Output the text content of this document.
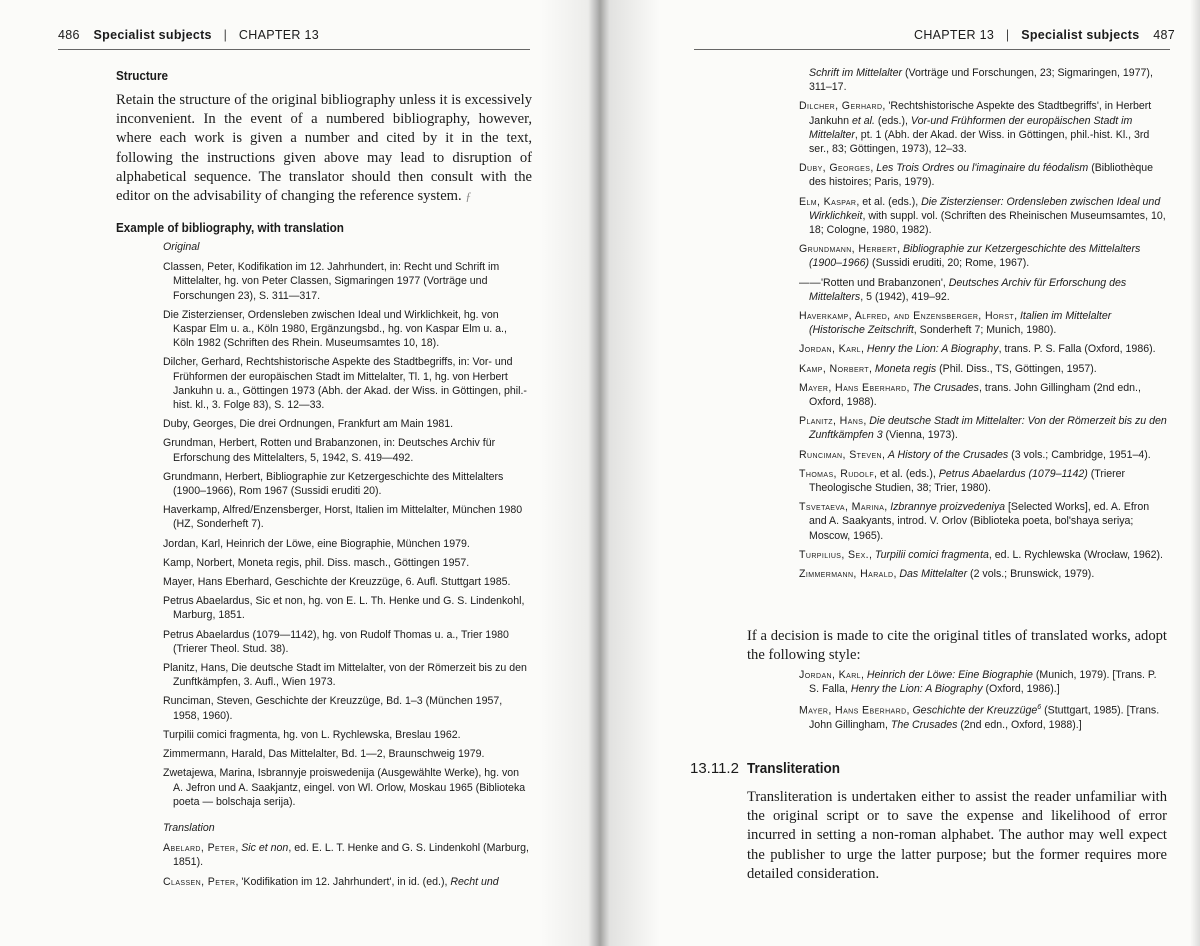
486 Specialist subjects | CHAPTER 13
Structure
Retain the structure of the original bibliography unless it is excessively inconvenient. In the event of a numbered bibliography, however, where each work is given a number and cited by it in the text, following the instructions given above may lead to disruption of alphabetical sequence. The translator should then consult with the editor on the advisability of changing the reference system. ƒ
Example of bibliography, with translation
Original
Classen, Peter, Kodifikation im 12. Jahrhundert, in: Recht und Schrift im Mittelalter, hg. von Peter Classen, Sigmaringen 1977 (Vorträge und Forschungen 23), S. 311—317.
Die Zisterzienser, Ordensleben zwischen Ideal und Wirklichkeit, hg. von Kaspar Elm u. a., Köln 1980, Ergänzungsbd., hg. von Kaspar Elm u. a., Köln 1982 (Schriften des Rhein. Museumsamtes 10, 18).
Dilcher, Gerhard, Rechtshistorische Aspekte des Stadtbegriffs, in: Vor- und Frühformen der europäischen Stadt im Mittelalter, Tl. 1, hg. von Herbert Jankuhn u. a., Göttingen 1973 (Abh. der Akad. der Wiss. in Göttingen, phil.-hist. kl., 3. Folge 83), S. 12—33.
Duby, Georges, Die drei Ordnungen, Frankfurt am Main 1981.
Grundman, Herbert, Rotten und Brabanzonen, in: Deutsches Archiv für Erforschung des Mittelalters, 5, 1942, S. 419—492.
Grundmann, Herbert, Bibliographie zur Ketzergeschichte des Mittelalters (1900–1966), Rom 1967 (Sussidi eruditi 20).
Haverkamp, Alfred/Enzensberger, Horst, Italien im Mittelalter, München 1980 (HZ, Sonderheft 7).
Jordan, Karl, Heinrich der Löwe, eine Biographie, München 1979.
Kamp, Norbert, Moneta regis, phil. Diss. masch., Göttingen 1957.
Mayer, Hans Eberhard, Geschichte der Kreuzzüge, 6. Aufl. Stuttgart 1985.
Petrus Abaelardus, Sic et non, hg. von E. L. Th. Henke und G. S. Lindenkohl, Marburg, 1851.
Petrus Abaelardus (1079—1142), hg. von Rudolf Thomas u. a., Trier 1980 (Trierer Theol. Stud. 38).
Planitz, Hans, Die deutsche Stadt im Mittelalter, von der Römerzeit bis zu den Zunftkämpfen, 3. Aufl., Wien 1973.
Runciman, Steven, Geschichte der Kreuzzüge, Bd. 1–3 (München 1957, 1958, 1960).
Turpilii comici fragmenta, hg. von L. Rychlewska, Breslau 1962.
Zimmermann, Harald, Das Mittelalter, Bd. 1—2, Braunschweig 1979.
Zwetajewa, Marina, Isbrannyje proiswedenija (Ausgewählte Werke), hg. von A. Jefron und A. Saakjantz, eingel. von Wl. Orlow, Moskau 1965 (Biblioteka poeta — bolschaja serija).
Translation
Abelard, Peter, Sic et non, ed. E. L. T. Henke and G. S. Lindenkohl (Marburg, 1851).
Classen, Peter, 'Kodifikation im 12. Jahrhundert', in id. (ed.), Recht und
CHAPTER 13 | Specialist subjects 487
Schrift im Mittelalter (Vorträge und Forschungen, 23; Sigmaringen, 1977), 311–17.
Dilcher, Gerhard, 'Rechtshistorische Aspekte des Stadtbegriffs', in Herbert Jankuhn et al. (eds.), Vor-und Frühformen der europäischen Stadt im Mittelalter, pt. 1 (Abh. der Akad. der Wiss. in Göttingen, phil.-hist. Kl., 3rd ser., 83; Göttingen, 1973), 12–33.
Duby, Georges, Les Trois Ordres ou l'imaginaire du féodalism (Bibliothèque des histoires; Paris, 1979).
Elm, Kaspar, et al. (eds.), Die Zisterzienser: Ordensleben zwischen Ideal und Wirklichkeit, with suppl. vol. (Schriften des Rheinischen Museumsamtes, 10, 18; Cologne, 1980, 1982).
Grundmann, Herbert, Bibliographie zur Ketzergeschichte des Mittelalters (1900–1966) (Sussidi eruditi, 20; Rome, 1967).
——'Rotten und Brabanzonen', Deutsches Archiv für Erforschung des Mittelalters, 5 (1942), 419–92.
Haverkamp, Alfred, and Enzensberger, Horst, Italien im Mittelalter (Historische Zeitschrift, Sonderheft 7; Munich, 1980).
Jordan, Karl, Henry the Lion: A Biography, trans. P. S. Falla (Oxford, 1986).
Kamp, Norbert, Moneta regis (Phil. Diss., TS, Göttingen, 1957).
Mayer, Hans Eberhard, The Crusades, trans. John Gillingham (2nd edn., Oxford, 1988).
Planitz, Hans, Die deutsche Stadt im Mittelalter: Von der Römerzeit bis zu den Zunftkämpfen 3 (Vienna, 1973).
Runciman, Steven, A History of the Crusades (3 vols.; Cambridge, 1951–4).
Thomas, Rudolf, et al. (eds.), Petrus Abaelardus (1079–1142) (Trierer Theologische Studien, 38; Trier, 1980).
Tsvetaeva, Marina, Izbrannye proizvedeniya [Selected Works], ed. A. Efron and A. Saakyants, introd. V. Orlov (Biblioteka poeta, bol'shaya seriya; Moscow, 1965).
Turpilius, Sex., Turpilii comici fragmenta, ed. L. Rychlewska (Wrocław, 1962).
Zimmermann, Harald, Das Mittelalter (2 vols.; Brunswick, 1979).
If a decision is made to cite the original titles of translated works, adopt the following style:
Jordan, Karl, Heinrich der Löwe: Eine Biographie (Munich, 1979). [Trans. P. S. Falla, Henry the Lion: A Biography (Oxford, 1986).]
Mayer, Hans Eberhard, Geschichte der Kreuzzüge$^6$ (Stuttgart, 1985). [Trans. John Gillingham, The Crusades (2nd edn., Oxford, 1988).]
13.11.2 Transliteration
Transliteration is undertaken either to assist the reader unfamiliar with the original script or to save the expense and likelihood of error incurred in setting a non-roman alphabet. The author may well expect the publisher to urge the latter purpose; but the former requires more detailed consideration.
